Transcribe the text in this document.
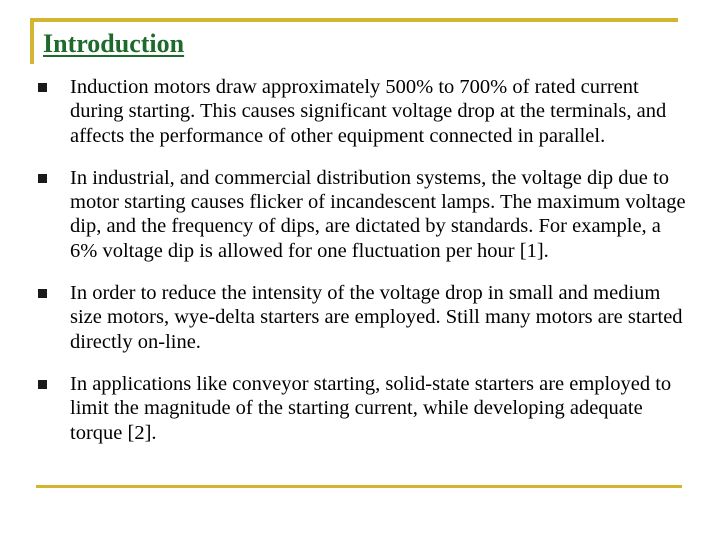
Introduction
Induction motors draw approximately 500% to 700% of rated current during starting. This causes significant voltage drop at the terminals, and affects the performance of other equipment connected in parallel.
In industrial, and commercial distribution systems, the voltage dip due to motor starting causes flicker of incandescent lamps. The maximum voltage dip, and the frequency of dips, are dictated by standards. For example, a 6% voltage dip is allowed for one fluctuation per hour [1].
In order to reduce the intensity of the voltage drop in small and medium size motors, wye-delta starters are employed. Still many motors are started directly on-line.
In applications like conveyor starting, solid-state starters are employed to limit the magnitude of the starting current, while developing adequate torque [2].
